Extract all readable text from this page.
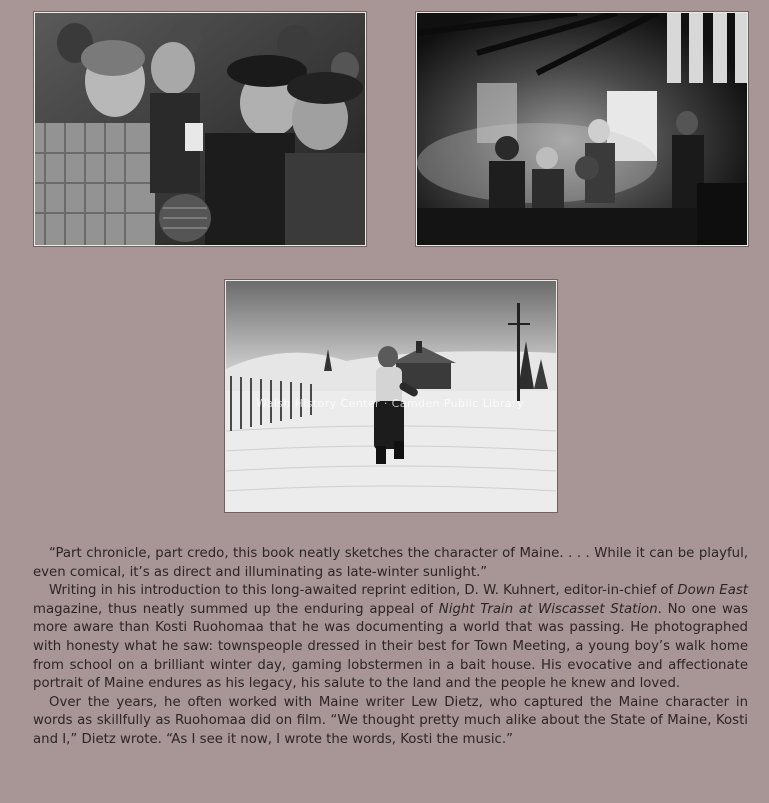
Walsh History Center · Camden Public Library

“Part chronicle, part credo, this book neatly sketches the character of Maine. . . . While it can be playful, even comical, it’s as direct and illuminating as late-winter sunlight.”

Writing in his introduction to this long-awaited reprint edition, D. W. Kuhnert, editor-in-chief of Down East magazine, thus neatly summed up the enduring appeal of Night Train at Wiscasset Station. No one was more aware than Kosti Ruohomaa that he was documenting a world that was passing. He photographed with honesty what he saw: townspeople dressed in their best for Town Meeting, a young boy’s walk home from school on a brilliant winter day, gaming lobstermen in a bait house. His evocative and affectionate portrait of Maine endures as his legacy, his salute to the land and the people he knew and loved.

Over the years, he often worked with Maine writer Lew Dietz, who captured the Maine character in words as skillfully as Ruohomaa did on film. “We thought pretty much alike about the State of Maine, Kosti and I,” Dietz wrote. “As I see it now, I wrote the words, Kosti the music.”
